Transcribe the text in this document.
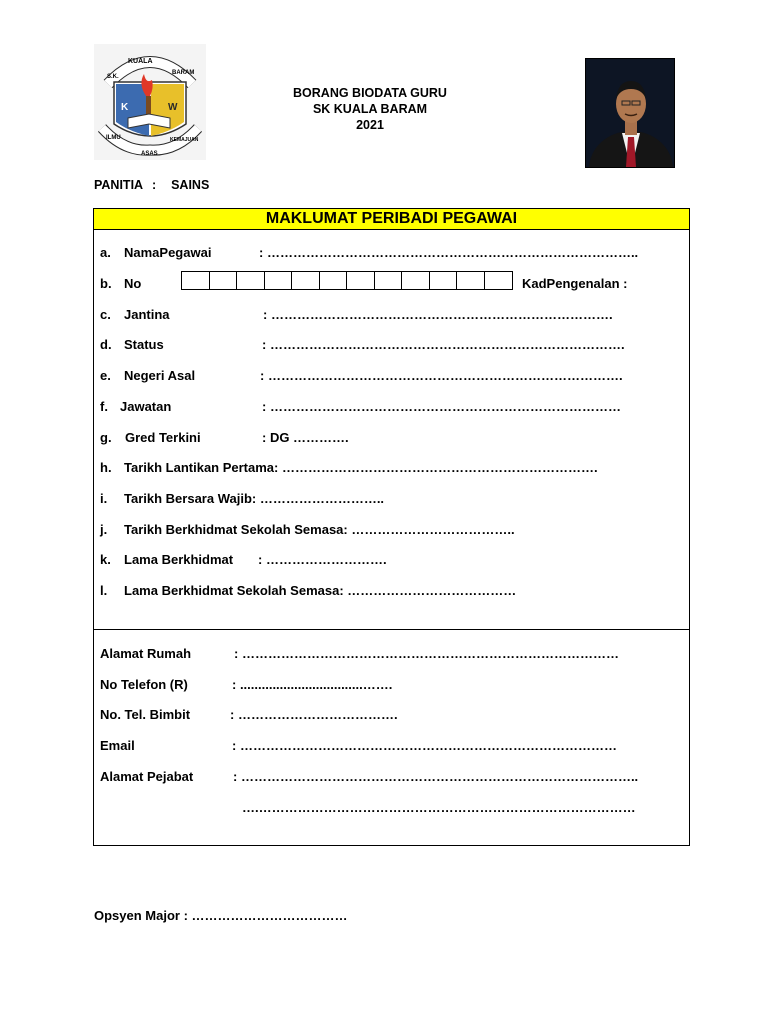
KUALA
S.K.
BARAM
K	W
ILMU
ASAS
KEMAJUAN
BORANG BIODATA GURU
SK KUALA BARAM
2021
PANITIA : SAINS
MAKLUMAT PERIBADI PEGAWAI
a. NamaPegawai	: …………………………………………………………………………..
b. No	KadPengenalan :
c. Jantina	: …………………………………………………………………….
d. Status	: ……………………………………………………………………….
e. Negeri Asal	: ……………………………………………………………………….
f. Jawatan	: ………………………………………………………………………
g. Gred Terkini	: DG ………….
h. Tarikh Lantikan Pertama: ……………………………………………………………….
i. Tarikh Bersara Wajib: ………………………..
j. Tarikh Berkhidmat Sekolah Semasa: ………………………………..
k. Lama Berkhidmat : ……………………….
l. Lama Berkhidmat Sekolah Semasa: …………………………………
Alamat Rumah	: ……………………………………………………………………………
No Telefon (R)	: ..................................…….
No. Tel. Bimbit	: ……………………………….
Email	: ……………………………………………………………………………
Alamat Pejabat	: ………………………………………………………………………………..
….……………………………………………………………………………
Opsyen Major : ………………………………
